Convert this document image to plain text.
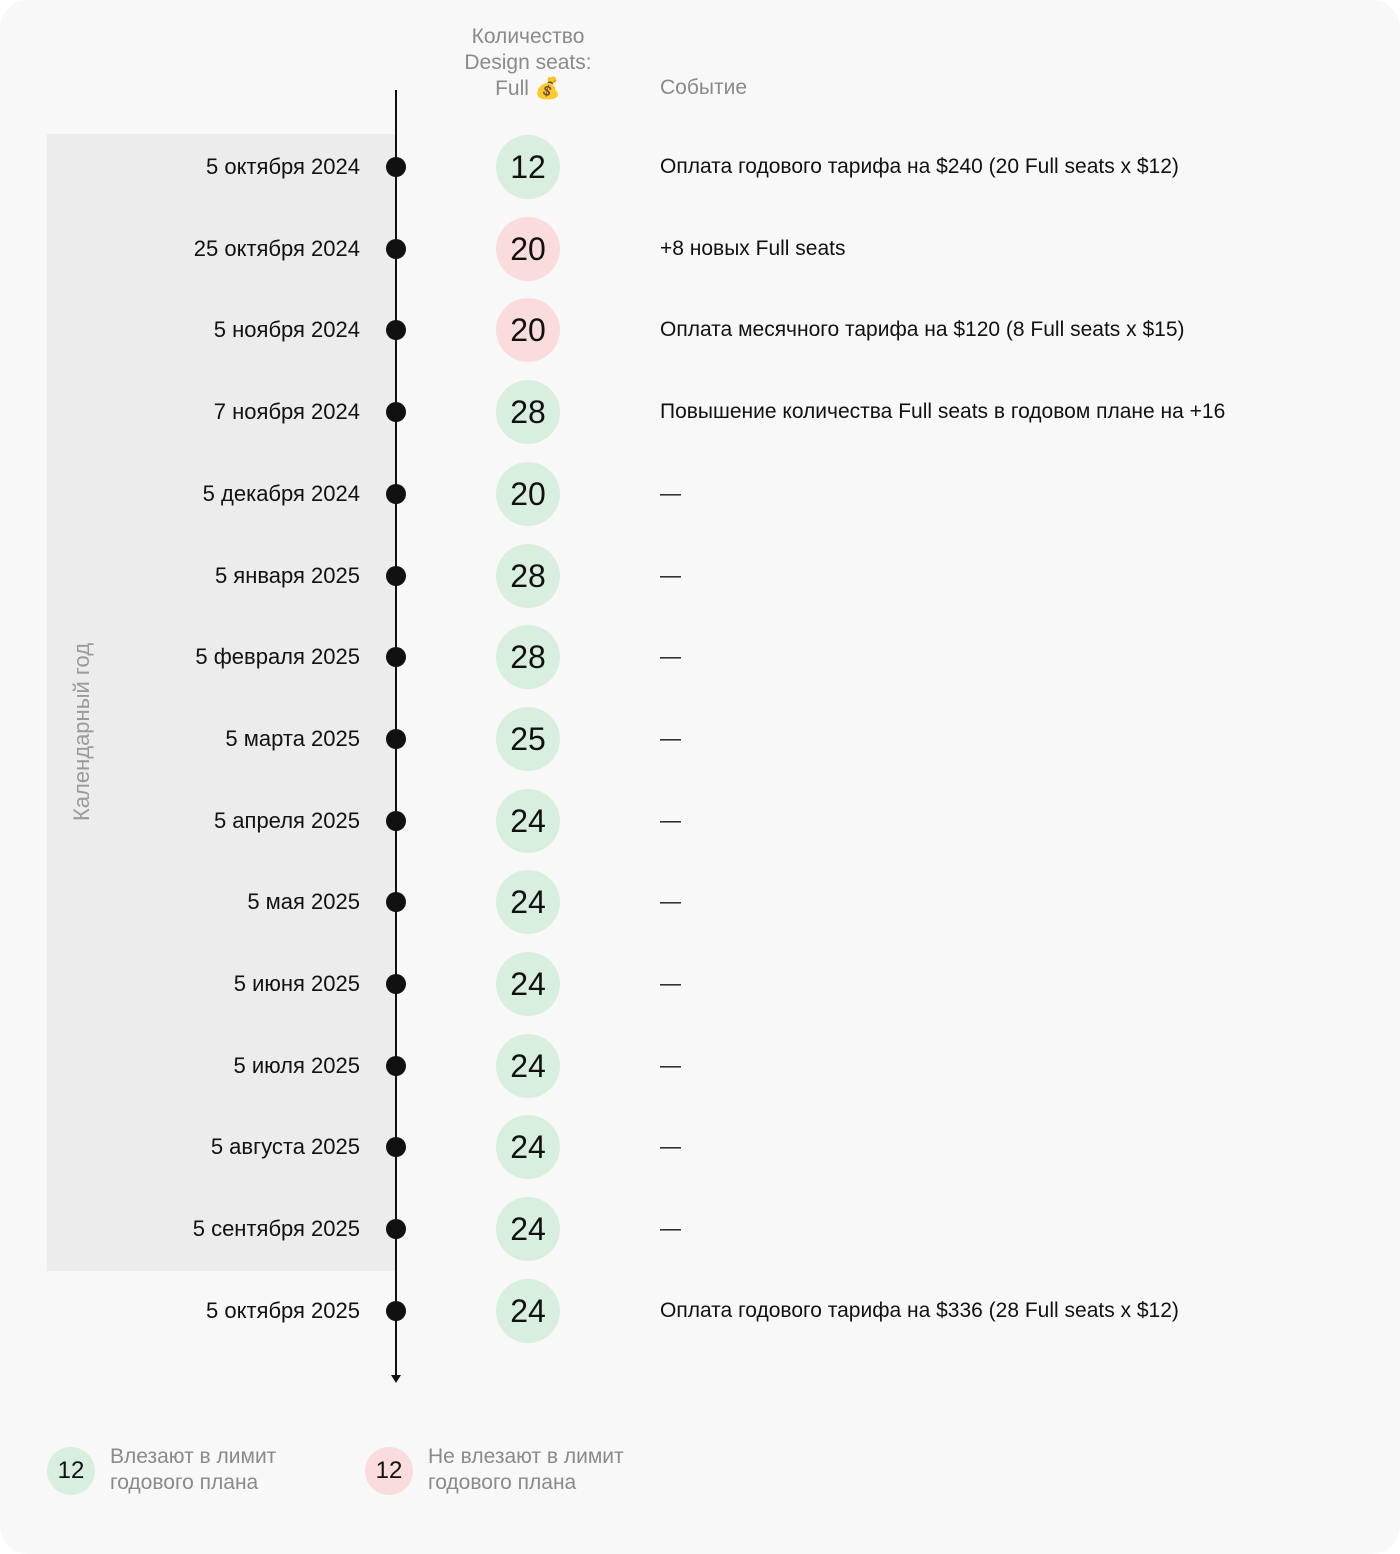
Календарный год
Количество
Design seats:
Full 💰	Событие
5 октября 2024	12	Оплата годового тарифа на $240 (20 Full seats x $12)
25 октября 2024	20	+8 новых Full seats
5 ноября 2024	20	Оплата месячного тарифа на $120 (8 Full seats x $15)
7 ноября 2024	28	Повышение количества Full seats в годовом плане на +16
5 декабря 2024	20	—
5 января 2025	28	—
5 февраля 2025	28	—
5 марта 2025	25	—
5 апреля 2025	24	—
5 мая 2025	24	—
5 июня 2025	24	—
5 июля 2025	24	—
5 августа 2025	24	—
5 сентября 2025	24	—
5 октября 2025	24	Оплата годового тарифа на $336 (28 Full seats x $12)
12
Влезают в лимит
годового плана	12
Не влезают в лимит
годового плана
